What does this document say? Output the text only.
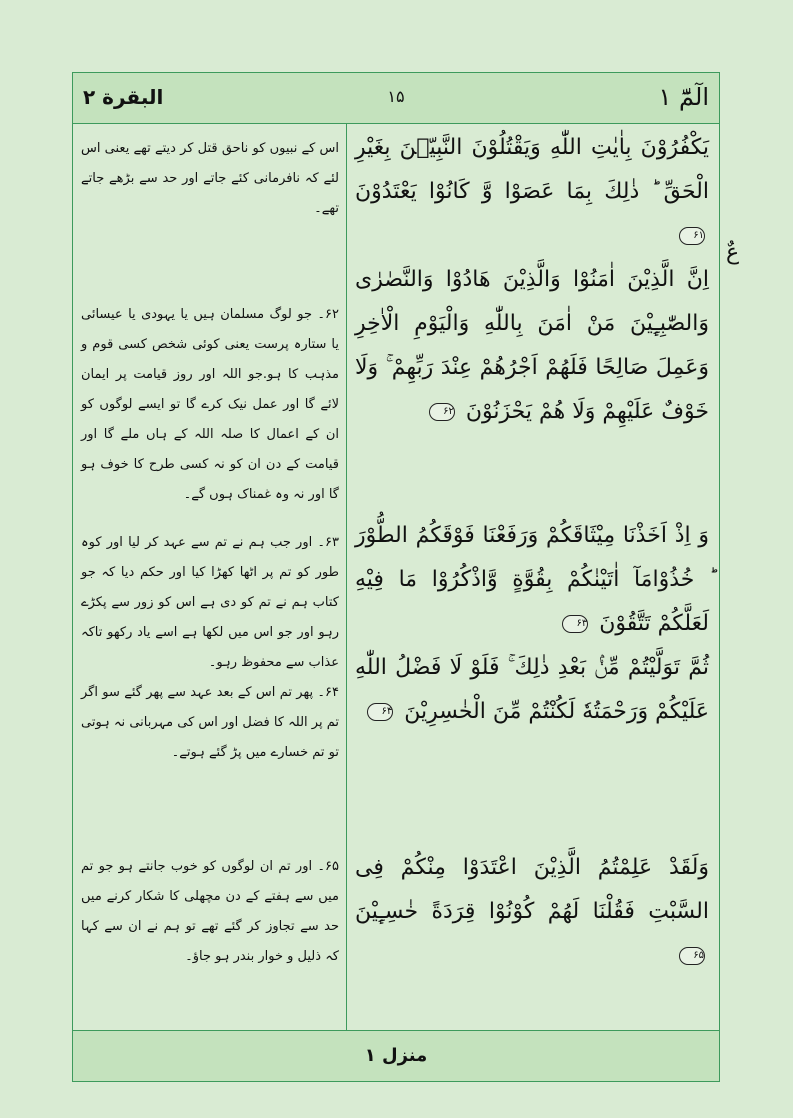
الٓمّٓ ۱
۱۵
البقرة ۲
اس کے نبیوں کو ناحق قتل کر دیتے تھے یعنی اس لئے کہ نافرمانی کئے جاتے اور حد سے بڑھے جاتے تھے۔
يَكْفُرُوْنَ بِاٰيٰتِ اللّٰهِ وَيَقْتُلُوْنَ النَّبِيّٖنَ بِغَيْرِ الْحَقِّ ؕ ذٰلِكَ بِمَا عَصَوْا وَّ كَانُوْا يَعْتَدُوْنَ ۶۱
۶۲۔ جو لوگ مسلمان ہیں یا یہودی یا عیسائی یا ستارہ پرست یعنی کوئی شخص کسی قوم و مذہب کا ہو.جو اللہ اور روز قیامت پر ایمان لائے گا اور عمل نیک کرے گا تو ایسے لوگوں کو ان کے اعمال کا صلہ اللہ کے ہاں ملے گا اور قیامت کے دن ان کو نہ کسی طرح کا خوف ہو گا اور نہ وہ غمناک ہوں گے۔
اِنَّ الَّذِيْنَ اٰمَنُوْا وَالَّذِيْنَ هَادُوْا وَالنَّصٰرٰى وَالصّٰبِـِٕيْنَ مَنْ اٰمَنَ بِاللّٰهِ وَالْيَوْمِ الْاٰخِرِ وَعَمِلَ صَالِحًا فَلَهُمْ اَجْرُهُمْ عِنْدَ رَبِّهِمْ ۚ وَلَا خَوْفٌ عَلَيْهِمْ وَلَا هُمْ يَحْزَنُوْنَ ۶۲
۶۳۔ اور جب ہم نے تم سے عہد کر لیا اور کوہ طور کو تم پر اٹھا کھڑا کیا اور حکم دیا کہ جو کتاب ہم نے تم کو دی ہے اس کو زور سے پکڑے رہو اور جو اس میں لکھا ہے اسے یاد رکھو تاکہ عذاب سے محفوظ رہو۔
وَ اِذْ اَخَذْنَا مِيْثَاقَكُمْ وَرَفَعْنَا فَوْقَكُمُ الطُّوْرَ ؕ خُذُوْامَآ اٰتَيْنٰكُمْ بِقُوَّةٍ وَّاذْكُرُوْا مَا فِيْهِ لَعَلَّكُمْ تَتَّقُوْنَ ۶۳
۶۴۔ پھر تم اس کے بعد عہد سے پھر گئے سو اگر تم پر اللہ کا فضل اور اس کی مہربانی نہ ہوتی تو تم خسارے میں پڑ گئے ہوتے۔
ثُمَّ تَوَلَّيْتُمْ مِّنْۢ بَعْدِ ذٰلِكَ ۚ فَلَوْ لَا فَضْلُ اللّٰهِ عَلَيْكُمْ وَرَحْمَتُهٗ لَكُنْتُمْ مِّنَ الْخٰسِرِيْنَ ۶۴
۶۵۔ اور تم ان لوگوں کو خوب جانتے ہو جو تم میں سے ہفتے کے دن مچھلی کا شکار کرنے میں حد سے تجاوز کر گئے تھے تو ہم نے ان سے کہا کہ ذلیل و خوار بندر ہو جاؤ۔
وَلَقَدْ عَلِمْتُمُ الَّذِيْنَ اعْتَدَوْا مِنْكُمْ فِى السَّبْتِ فَقُلْنَا لَهُمْ كُوْنُوْا قِرَدَةً خٰسِـِٕيْنَ ۶۵
عٌ
منزل ۱
